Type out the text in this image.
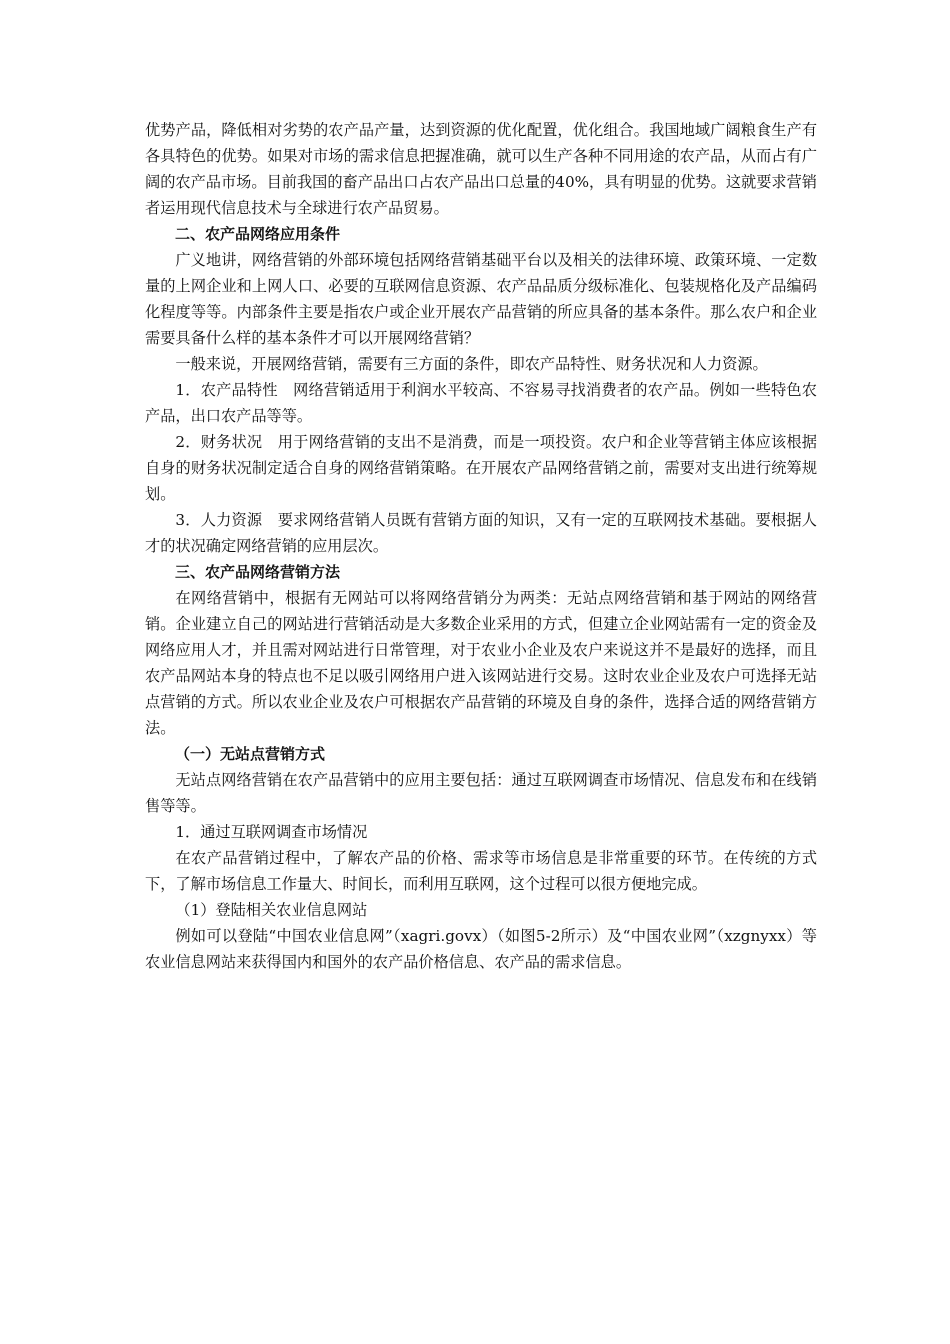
优势产品，降低相对劣势的农产品产量，达到资源的优化配置，优化组合。我国地域广阔粮食生产有各具特色的优势。如果对市场的需求信息把握准确，就可以生产各种不同用途的农产品，从而占有广阔的农产品市场。目前我国的畜产品出口占农产品出口总量的40%，具有明显的优势。这就要求营销者运用现代信息技术与全球进行农产品贸易。

二、农产品网络应用条件

广义地讲，网络营销的外部环境包括网络营销基础平台以及相关的法律环境、政策环境、一定数量的上网企业和上网人口、必要的互联网信息资源、农产品品质分级标准化、包装规格化及产品编码化程度等等。内部条件主要是指农户或企业开展农产品营销的所应具备的基本条件。那么农户和企业需要具备什么样的基本条件才可以开展网络营销？

一般来说，开展网络营销，需要有三方面的条件，即农产品特性、财务状况和人力资源。

1．农产品特性　网络营销适用于利润水平较高、不容易寻找消费者的农产品。例如一些特色农产品，出口农产品等等。

2．财务状况　用于网络营销的支出不是消费，而是一项投资。农户和企业等营销主体应该根据自身的财务状况制定适合自身的网络营销策略。在开展农产品网络营销之前，需要对支出进行统筹规划。

3．人力资源　要求网络营销人员既有营销方面的知识，又有一定的互联网技术基础。要根据人才的状况确定网络营销的应用层次。

三、农产品网络营销方法

在网络营销中，根据有无网站可以将网络营销分为两类：无站点网络营销和基于网站的网络营销。企业建立自己的网站进行营销活动是大多数企业采用的方式，但建立企业网站需有一定的资金及网络应用人才，并且需对网站进行日常管理，对于农业小企业及农户来说这并不是最好的选择，而且农产品网站本身的特点也不足以吸引网络用户进入该网站进行交易。这时农业企业及农户可选择无站点营销的方式。所以农业企业及农户可根据农产品营销的环境及自身的条件，选择合适的网络营销方法。

（一）无站点营销方式

无站点网络营销在农产品营销中的应用主要包括：通过互联网调查市场情况、信息发布和在线销售等等。

1．通过互联网调查市场情况

在农产品营销过程中，了解农产品的价格、需求等市场信息是非常重要的环节。在传统的方式下，了解市场信息工作量大、时间长，而利用互联网，这个过程可以很方便地完成。

（1）登陆相关农业信息网站

例如可以登陆“中国农业信息网”（xagri.govx）（如图5-2所示）及“中国农业网”（xzgnyxx）等农业信息网站来获得国内和国外的农产品价格信息、农产品的需求信息。
